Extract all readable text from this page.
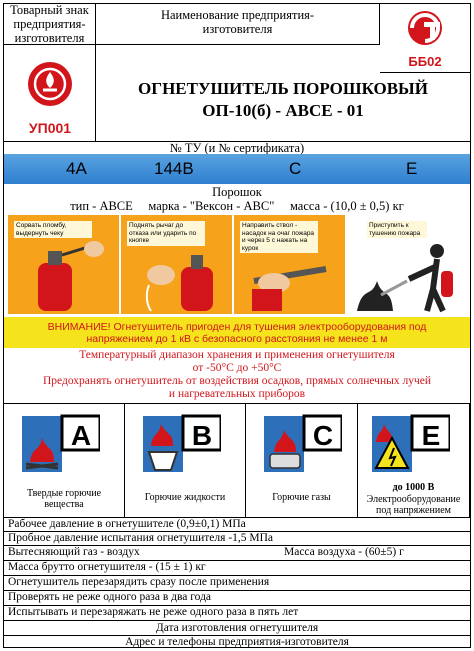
Товарный знак предприятия-изготовителя
Наименование предприятия-изготовителя
ББ02
УП001
ОГНЕТУШИТЕЛЬ ПОРОШКОВЫЙ
ОП-10(б) - АВСЕ - 01
№ ТУ (и № сертификата)
4А	144В	С	Е
Порошок
тип - АВСЕ     марка - "Вексон - АВС"     масса - (10,0 ± 0,5) кг
Сорвать пломбу, выдернуть чеку
Поднять рычаг до отказа или ударить по кнопке
Направить ствол - насадок на очаг пожара и через 5 с нажать на курок
Приступить к тушению пожара
ВНИМАНИЕ! Огнетушитель пригоден для тушения электрооборудования под напряжением до 1 кВ с безопасного расстояния не менее 1 м
Температурный диапазон хранения и применения огнетушителя
от -50°С до +50°С
Предохранять огнетушитель от воздействия осадков, прямых солнечных лучей
и нагревательных приборов
A
Твердые горючие вещества
B
Горючие жидкости
C
Горючие газы
E
до 1000 В
Электрооборудование под напряжением
Рабочее давление в огнетушителе (0,9±0,1) МПа
Пробное давление испытания огнетушителя -1,5 МПа
Вытесняющий газ - воздух	Масса воздуха - (60±5) г
Масса брутто огнетушителя - (15 ± 1) кг
Огнетушитель перезарядить сразу после применения
Проверять не реже одного раза в два года
Испытывать и перезаряжать не реже одного раза в пять лет
Дата изготовления огнетушителя
Адрес и телефоны предприятия-изготовителя
